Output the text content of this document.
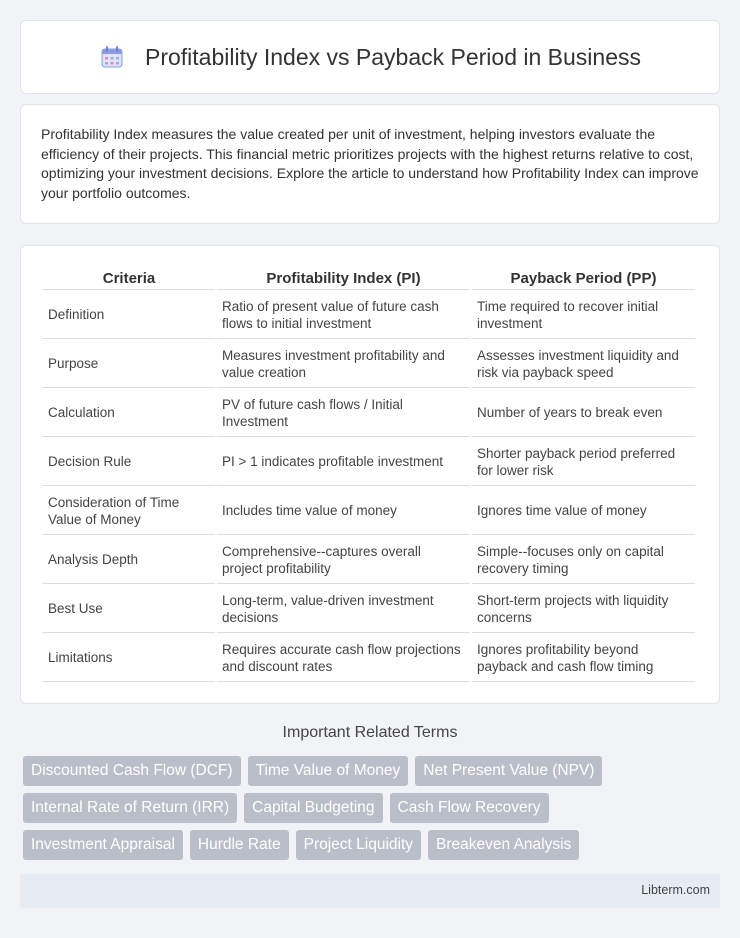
Profitability Index vs Payback Period in Business

Profitability Index measures the value created per unit of investment, helping investors evaluate the efficiency of their projects. This financial metric prioritizes projects with the highest returns relative to cost, optimizing your investment decisions. Explore the article to understand how Profitability Index can improve your portfolio outcomes.

Criteria	Profitability Index (PI)	Payback Period (PP)
Definition	Ratio of present value of future cash flows to initial investment	Time required to recover initial investment
Purpose	Measures investment profitability and value creation	Assesses investment liquidity and risk via payback speed
Calculation	PV of future cash flows / Initial Investment	Number of years to break even
Decision Rule	PI > 1 indicates profitable investment	Shorter payback period preferred for lower risk
Consideration of Time Value of Money	Includes time value of money	Ignores time value of money
Analysis Depth	Comprehensive--captures overall project profitability	Simple--focuses only on capital recovery timing
Best Use	Long-term, value-driven investment decisions	Short-term projects with liquidity concerns
Limitations	Requires accurate cash flow projections and discount rates	Ignores profitability beyond payback and cash flow timing
Important Related Terms
Discounted Cash Flow (DCF)	Time Value of Money	Net Present Value (NPV)
Internal Rate of Return (IRR)	Capital Budgeting	Cash Flow Recovery
Investment Appraisal	Hurdle Rate	Project Liquidity	Breakeven Analysis
Libterm.com
